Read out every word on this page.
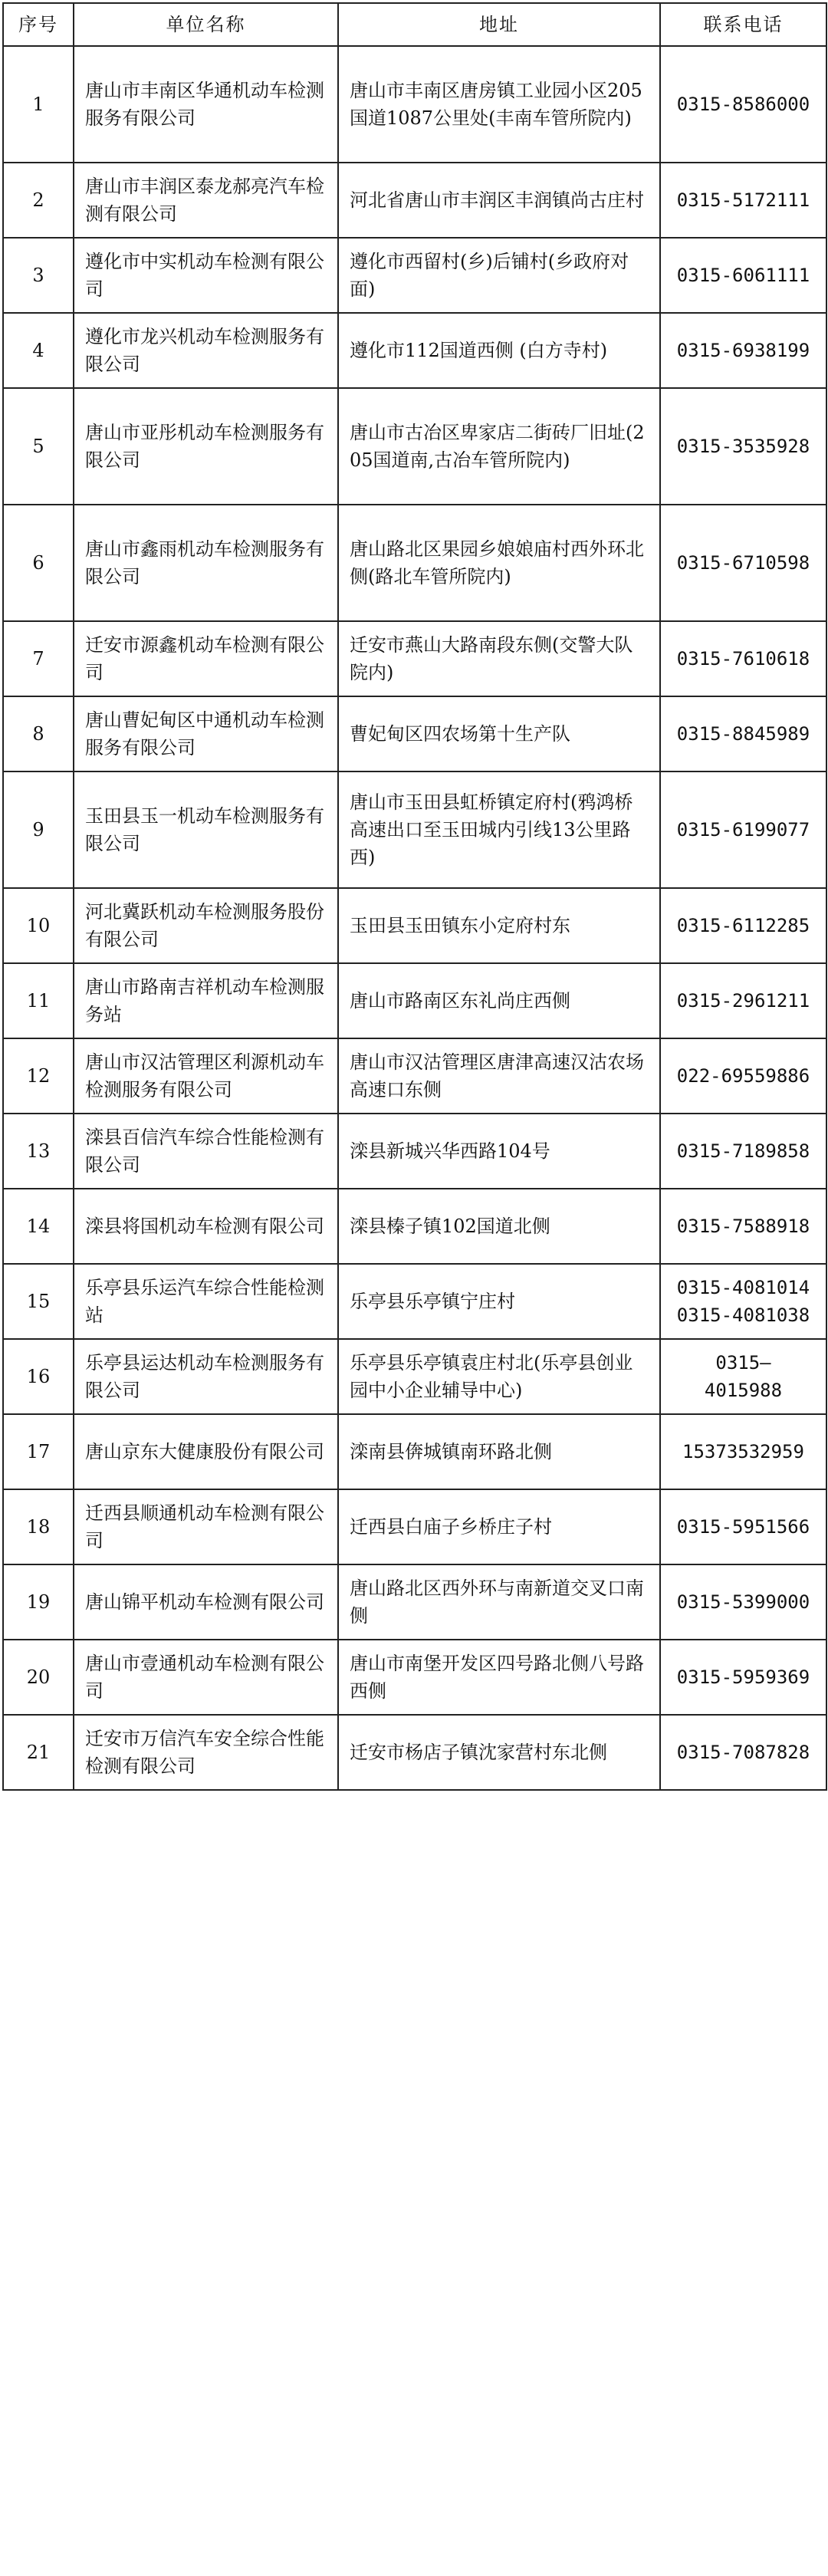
序号	单位名称	地址	联系电话
1	唐山市丰南区华通机动车检测服务有限公司	唐山市丰南区唐房镇工业园小区205国道1087公里处(丰南车管所院内)	0315-8586000

2	唐山市丰润区泰龙郝亮汽车检测有限公司	河北省唐山市丰润区丰润镇尚古庄村	0315-5172111

3	遵化市中实机动车检测有限公司	遵化市西留村(乡)后铺村(乡政府对面)	0315-6061111

4	遵化市龙兴机动车检测服务有限公司	遵化市112国道西侧 (白方寺村)	0315-6938199

5	唐山市亚彤机动车检测服务有限公司	唐山市古冶区卑家店二街砖厂旧址(205国道南,古冶车管所院内)	0315-3535928

6	唐山市鑫雨机动车检测服务有限公司	唐山路北区果园乡娘娘庙村西外环北侧(路北车管所院内)	0315-6710598

7	迁安市源鑫机动车检测有限公司	迁安市燕山大路南段东侧(交警大队院内)	0315-7610618

8	唐山曹妃甸区中通机动车检测服务有限公司	曹妃甸区四农场第十生产队	0315-8845989

9	玉田县玉一机动车检测服务有限公司	唐山市玉田县虹桥镇定府村(鸦鸿桥高速出口至玉田城内引线13公里路西)	0315-6199077

10	河北冀跃机动车检测服务股份有限公司	玉田县玉田镇东小定府村东	0315-6112285

11	唐山市路南吉祥机动车检测服务站	唐山市路南区东礼尚庄西侧	0315-2961211

12	唐山市汉沽管理区利源机动车检测服务有限公司	唐山市汉沽管理区唐津高速汉沽农场高速口东侧	022-69559886

13	滦县百信汽车综合性能检测有限公司	滦县新城兴华西路104号	0315-7189858

14	滦县将国机动车检测有限公司	滦县榛子镇102国道北侧	0315-7588918

15	乐亭县乐运汽车综合性能检测站	乐亭县乐亭镇宁庄村	0315-4081014
0315-4081038

16	乐亭县运达机动车检测服务有限公司	乐亭县乐亭镇袁庄村北(乐亭县创业园中小企业辅导中心)	0315—
4015988

17	唐山京东大健康股份有限公司	滦南县倴城镇南环路北侧	15373532959

18	迁西县顺通机动车检测有限公司	迁西县白庙子乡桥庄子村	0315-5951566

19	唐山锦平机动车检测有限公司	唐山路北区西外环与南新道交叉口南侧	0315-5399000

20	唐山市壹通机动车检测有限公司	唐山市南堡开发区四号路北侧八号路西侧	0315-5959369

21	迁安市万信汽车安全综合性能检测有限公司	迁安市杨店子镇沈家营村东北侧	0315-7087828
